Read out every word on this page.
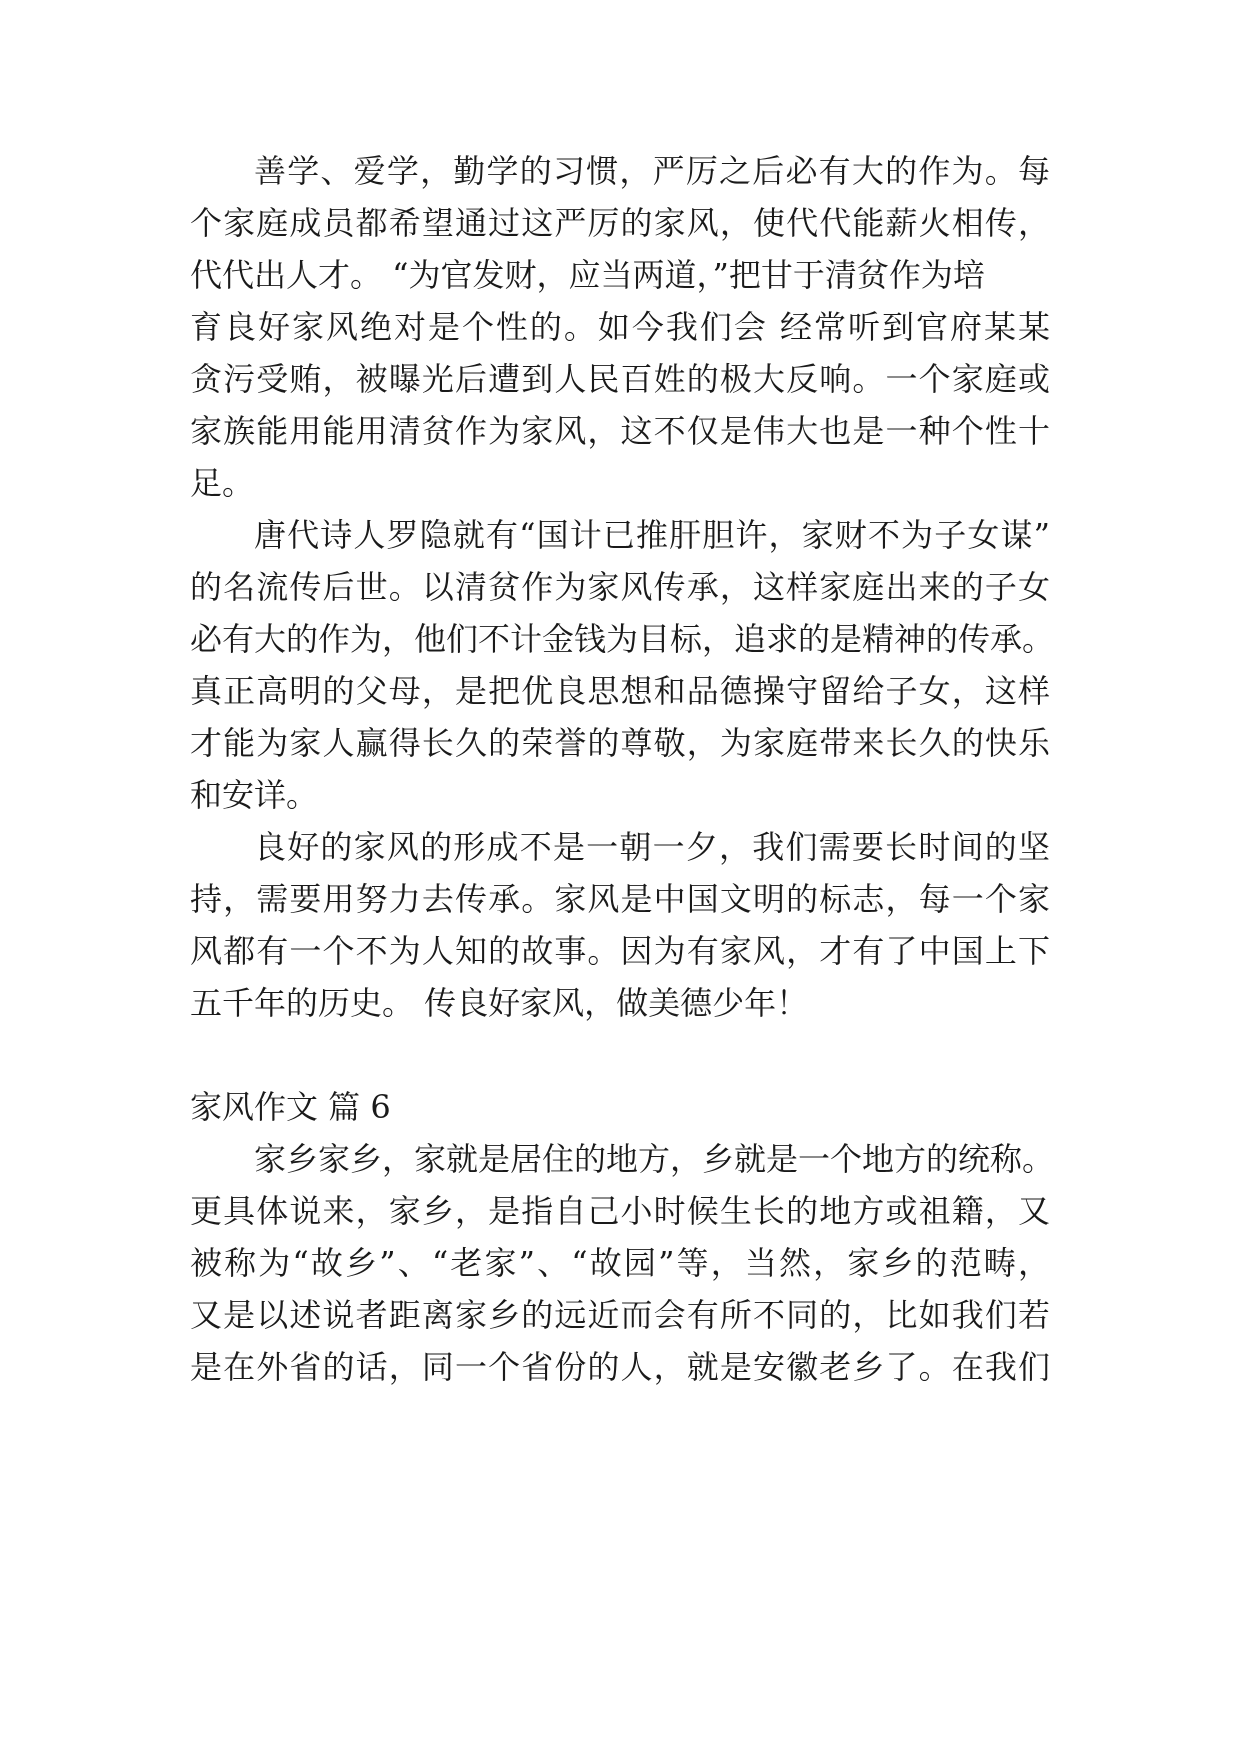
善学、爱学，勤学的习惯，严厉之后必有大的作为。每
个家庭成员都希望通过这严厉的家风，使代代能薪火相传，
代代出人才。 “为官发财，应当两道，”把甘于清贫作为培
育良好家风绝对是个性的。如今我们会 经常听到官府某某
贪污受贿，被曝光后遭到人民百姓的极大反响。一个家庭或
家族能用能用清贫作为家风，这不仅是伟大也是一种个性十
足。
唐代诗人罗隐就有“国计已推肝胆许，家财不为子女谋”
的名流传后世。以清贫作为家风传承，这样家庭出来的子女
必有大的作为，他们不计金钱为目标，追求的是精神的传承。
真正高明的父母，是把优良思想和品德操守留给子女，这样
才能为家人赢得长久的荣誉的尊敬，为家庭带来长久的快乐
和安详。
良好的家风的形成不是一朝一夕，我们需要长时间的坚
持，需要用努力去传承。家风是中国文明的标志，每一个家
风都有一个不为人知的故事。因为有家风，才有了中国上下
五千年的历史。 传良好家风，做美德少年！
家风作文 篇 6
家乡家乡，家就是居住的地方，乡就是一个地方的统称。
更具体说来，家乡，是指自己小时候生长的地方或祖籍，又
被称为“故乡”、“老家”、“故园”等，当然，家乡的范畴，
又是以述说者距离家乡的远近而会有所不同的，比如我们若
是在外省的话，同一个省份的人，就是安徽老乡了。在我们
